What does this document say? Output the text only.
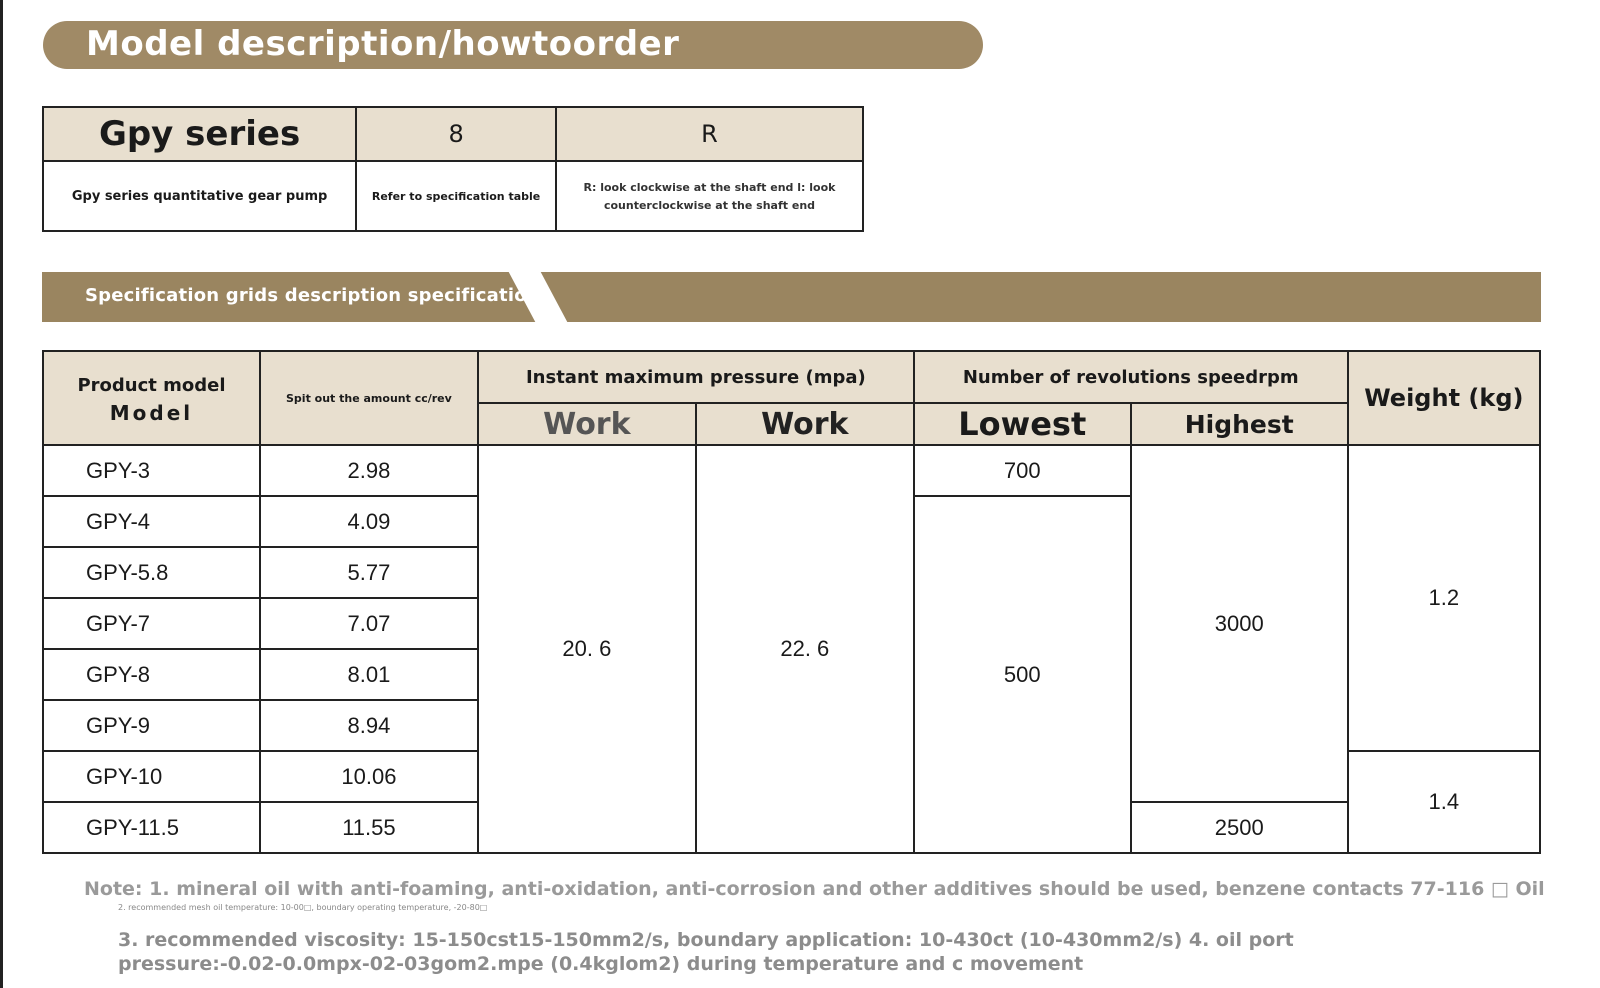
Model description/howtoorder
Gpy series	8	R
Gpy series quantitative gear pump	Refer to specification table	R: look clockwise at the shaft end l: look counterclockwise at the shaft end
Specification grids description specification:
Product model
Model	Spit out the amount cc/rev	Instant maximum pressure (mpa)		Number of revolutions speedrpm		Weight (kg)
		Work	Work	Lowest	Highest	
GPY-3	2.98	20. 6	22. 6	700	3000	1.2
GPY-4	4.09			500		
GPY-5.8	5.77					
GPY-7	7.07					
GPY-8	8.01					
GPY-9	8.94					
GPY-10	10.06					1.4
GPY-11.5	11.55				2500	
Note: 1. mineral oil with anti-foaming, anti-oxidation, anti-corrosion and other additives should be used, benzene contacts 77-116 □ Oil
2. recommended mesh oil temperature: 10-00□, boundary operating temperature, -20-80□
3. recommended viscosity: 15-150cst15-150mm2/s, boundary application: 10-430ct (10-430mm2/s) 4. oil port pressure:-0.02-0.0mpx-02-03gom2.mpe (0.4kglom2) during temperature and c movement
